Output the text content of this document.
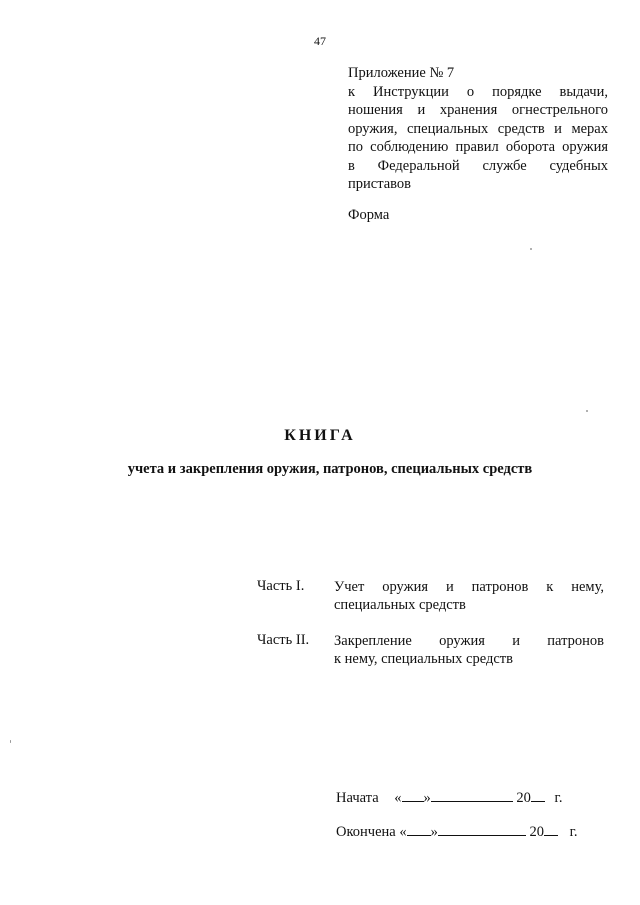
47
Приложение № 7
к Инструкции о порядке выдачи,
ношения и хранения огнестрельного
оружия, специальных средств и мерах
по соблюдению правил оборота оружия
в Федеральной службе судебных
приставов
Форма
КНИГА
учета и закрепления оружия, патронов, специальных средств
Часть I. Учет оружия и патронов к нему,
специальных средств
Часть II. Закрепление оружия и патронов
к нему, специальных средств
Начата « »	20 г.
Окончена « »	20 г.
